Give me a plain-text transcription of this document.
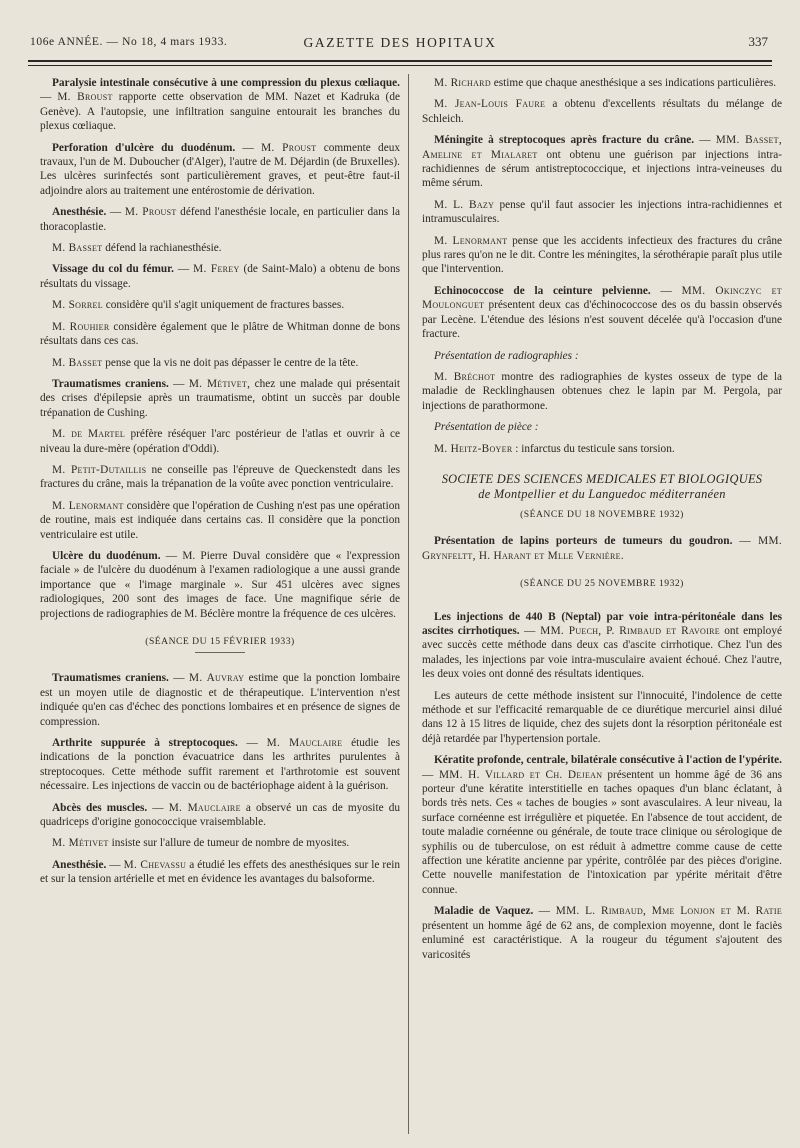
106e ANNÉE. — No 18, 4 mars 1933.	GAZETTE DES HOPITAUX	337

Paralysie intestinale consécutive à une compression du plexus cœliaque. — M. Broust rapporte cette observation de MM. Nazet et Kadruka (de Genève). A l'autopsie, une infiltration sanguine entourait les branches du plexus cœliaque.

Perforation d'ulcère du duodénum. — M. Proust commente deux travaux, l'un de M. Duboucher (d'Alger), l'autre de M. Déjardin (de Bruxelles). Les ulcères surinfectés sont particulièrement graves, et peut-être faut-il adjoindre alors au traitement une entérostomie de dérivation.

Anesthésie. — M. Proust défend l'anesthésie locale, en particulier dans la thoracoplastie.

M. Basset défend la rachianesthésie.

Vissage du col du fémur. — M. Ferey (de Saint-Malo) a obtenu de bons résultats du vissage.

M. Sorrel considère qu'il s'agit uniquement de fractures basses.

M. Rouhier considère également que le plâtre de Whitman donne de bons résultats dans ces cas.

M. Basset pense que la vis ne doit pas dépasser le centre de la tête.

Traumatismes craniens. — M. Métivet, chez une malade qui présentait des crises d'épilepsie après un traumatisme, obtint un succès par double trépanation de Cushing.

M. de Martel préfère réséquer l'arc postérieur de l'atlas et ouvrir à ce niveau la dure-mère (opération d'Oddi).

M. Petit-Dutaillis ne conseille pas l'épreuve de Queckenstedt dans les fractures du crâne, mais la trépanation de la voûte avec ponction ventriculaire.

M. Lenormant considère que l'opération de Cushing n'est pas une opération de routine, mais est indiquée dans certains cas. Il considère que la ponction ventriculaire est utile.

Ulcère du duodénum. — M. Pierre Duval considère que « l'expression faciale » de l'ulcère du duodénum à l'examen radiologique a une aussi grande importance que « l'image marginale ». Sur 451 ulcères avec signes radiologiques, 200 sont des images de face. Une magnifique série de projections de radiographies de M. Béclère montre la fréquence de ces ulcères.

(SÉANCE DU 15 FÉVRIER 1933)

Traumatismes craniens. — M. Auvray estime que la ponction lombaire est un moyen utile de diagnostic et de thérapeutique. L'intervention n'est indiquée qu'en cas d'échec des ponctions lombaires et en présence de signes de compression.

Arthrite suppurée à streptocoques. — M. Mauclaire étudie les indications de la ponction évacuatrice dans les arthrites purulentes à streptocoques. Cette méthode suffit rarement et l'arthrotomie est souvent nécessaire. Les injections de vaccin ou de bactériophage aident à la guérison.

Abcès des muscles. — M. Mauclaire a observé un cas de myosite du quadriceps d'origine gonococcique vraisemblable.

M. Métivet insiste sur l'allure de tumeur de nombre de myosites.

Anesthésie. — M. Chevassu a étudié les effets des anesthésiques sur le rein et sur la tension artérielle et met en évidence les avantages du balsoforme.

M. Richard estime que chaque anesthésique a ses indications particulières.

M. Jean-Louis Faure a obtenu d'excellents résultats du mélange de Schleich.

Méningite à streptocoques après fracture du crâne. — MM. Basset, Ameline et Mialaret ont obtenu une guérison par injections intra-rachidiennes de sérum antistreptococcique, et injections intra-veineuses du même sérum.

M. L. Bazy pense qu'il faut associer les injections intra-rachidiennes et intramusculaires.

M. Lenormant pense que les accidents infectieux des fractures du crâne plus rares qu'on ne le dit. Contre les méningites, la sérothérapie paraît plus utile que l'intervention.

Echinococcose de la ceinture pelvienne. — MM. Okinczyc et Moulonguet présentent deux cas d'échinococcose des os du bassin observés par Lecène. L'étendue des lésions n'est souvent décelée qu'à l'occasion d'une fracture.

Présentation de radiographies :

M. Bréchot montre des radiographies de kystes osseux de type de la maladie de Recklinghausen obtenues chez le lapin par M. Pergola, par injections de parathormone.

Présentation de pièce :

M. Heitz-Boyer : infarctus du testicule sans torsion.

SOCIETE DES SCIENCES MEDICALES ET BIOLOGIQUES
de Montpellier et du Languedoc méditerranéen
(SÉANCE DU 18 NOVEMBRE 1932)

Présentation de lapins porteurs de tumeurs du goudron. — MM. Grynfeltt, H. Harant et Mlle Vernière.

(SÉANCE DU 25 NOVEMBRE 1932)

Les injections de 440 B (Neptal) par voie intra-péritonéale dans les ascites cirrhotiques. — MM. Puech, P. Rimbaud et Ravoire ont employé avec succès cette méthode dans deux cas d'ascite cirrhotique. Chez l'un des malades, les injections par voie intra-musculaire avaient échoué. Chez l'autre, les deux voies ont donné des résultats identiques.

Les auteurs de cette méthode insistent sur l'innocuité, l'indolence de cette méthode et sur l'efficacité remarquable de ce diurétique mercuriel ainsi dilué dans 12 à 15 litres de liquide, chez des sujets dont la résorption péritonéale est déjà retardée par l'hypertension portale.

Kératite profonde, centrale, bilatérale consécutive à l'action de l'ypérite. — MM. H. Villard et Ch. Dejean présentent un homme âgé de 36 ans porteur d'une kératite interstitielle en taches opaques d'un blanc éclatant, à bords très nets. Ces « taches de bougies » sont avasculaires. A leur niveau, la surface cornéenne est irrégulière et piquetée. En l'absence de tout accident, de toute maladie cornéenne ou générale, de toute trace clinique ou sérologique de syphilis ou de tuberculose, on est réduit à admettre comme cause de cette affection une kératite ancienne par ypérite, contrôlée par des pièces d'origine. Cette nouvelle manifestation de l'intoxication par ypérite méritait d'être connue.

Maladie de Vaquez. — MM. L. Rimbaud, Mme Lonjon et M. Ratie présentent un homme âgé de 62 ans, de complexion moyenne, dont le faciès enluminé est caractéristique. A la rougeur du tégument s'ajoutent des varicosités
